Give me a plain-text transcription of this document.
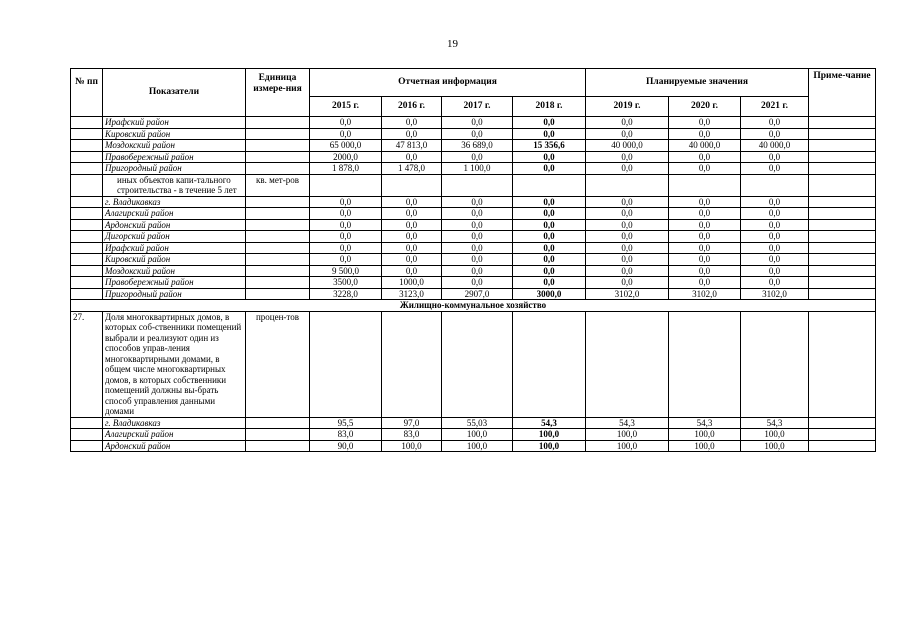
19
№ пп	Показатели	Единица измере-ния	Отчетная информация				Планируемые значения			Приме-чание
			2015 г.	2016 г.	2017 г.	2018 г.	2019 г.	2020 г.	2021 г.	
	Ирафский район		0,0	0,0	0,0	0,0	0,0	0,0	0,0	
	Кировский район		0,0	0,0	0,0	0,0	0,0	0,0	0,0	
	Моздокский район		65 000,0	47 813,0	36 689,0	15 356,6	40 000,0	40 000,0	40 000,0	
	Правобережный район		2000,0	0,0	0,0	0,0	0,0	0,0	0,0	
	Пригородный район		1 878,0	1 478,0	1 100,0	0,0	0,0	0,0	0,0	
	иных объектов капи-тального строительства - в течение 5 лет	кв. мет-ров								
	г. Владикавказ		0,0	0,0	0,0	0,0	0,0	0,0	0,0	
	Алагирский район		0,0	0,0	0,0	0,0	0,0	0,0	0,0	
	Ардонский район		0,0	0,0	0,0	0,0	0,0	0,0	0,0	
	Дигорский район		0,0	0,0	0,0	0,0	0,0	0,0	0,0	
	Ирафский район		0,0	0,0	0,0	0,0	0,0	0,0	0,0	
	Кировский район		0,0	0,0	0,0	0,0	0,0	0,0	0,0	
	Моздокский район		9 500,0	0,0	0,0	0,0	0,0	0,0	0,0	
	Правобережный район		3500,0	1000,0	0,0	0,0	0,0	0,0	0,0	
	Пригородный район		3228,0	3123,0	2907,0	3000,0	3102,0	3102,0	3102,0	
Жилищно-коммунальное хозяйство										
27.	Доля многоквартирных домов, в которых соб-ственники помещений выбрали и реализуют один из способов управ-ления многоквартирными домами, в общем числе многоквартирных домов, в которых собственники помещений должны вы-брать способ управления данными домами	процен-тов								
	г. Владикавказ		95,5	97,0	55,03	54,3	54,3	54,3	54,3	
	Алагирский район		83,0	83,0	100,0	100,0	100,0	100,0	100,0	
	Ардонский район		90,0	100,0	100,0	100,0	100,0	100,0	100,0	
